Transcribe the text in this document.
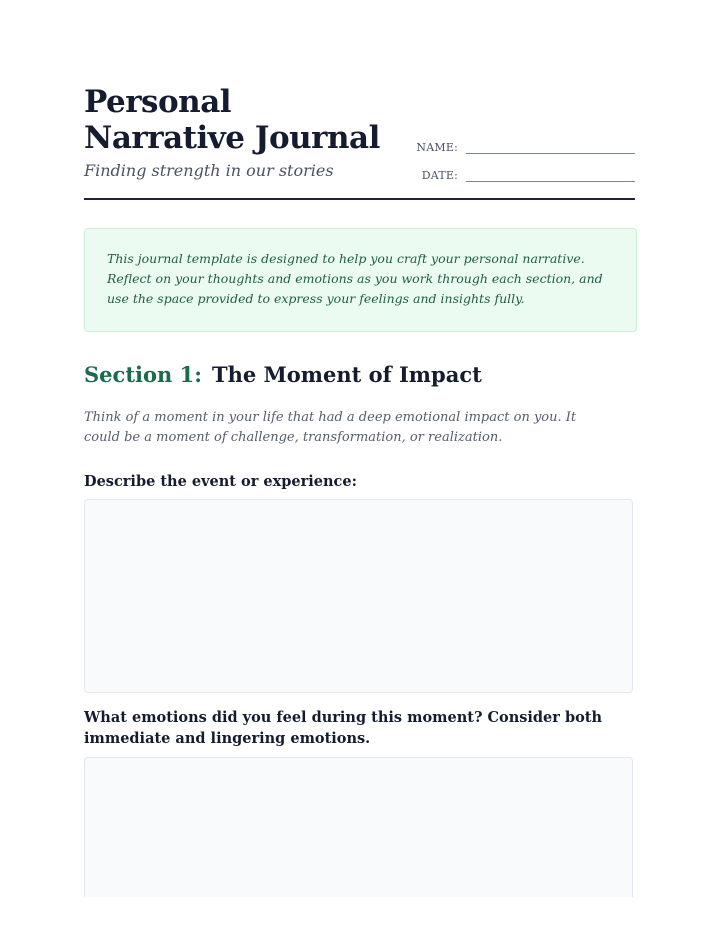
Personal Narrative Journal
Finding strength in our stories
NAME:
DATE:
This journal template is designed to help you craft your personal narrative. Reflect on your thoughts and emotions as you work through each section, and use the space provided to express your feelings and insights fully.
Section 1: The Moment of Impact

Think of a moment in your life that had a deep emotional impact on you. It could be a moment of challenge, transformation, or realization.

Describe the event or experience:

What emotions did you feel during this moment? Consider both immediate and lingering emotions.
